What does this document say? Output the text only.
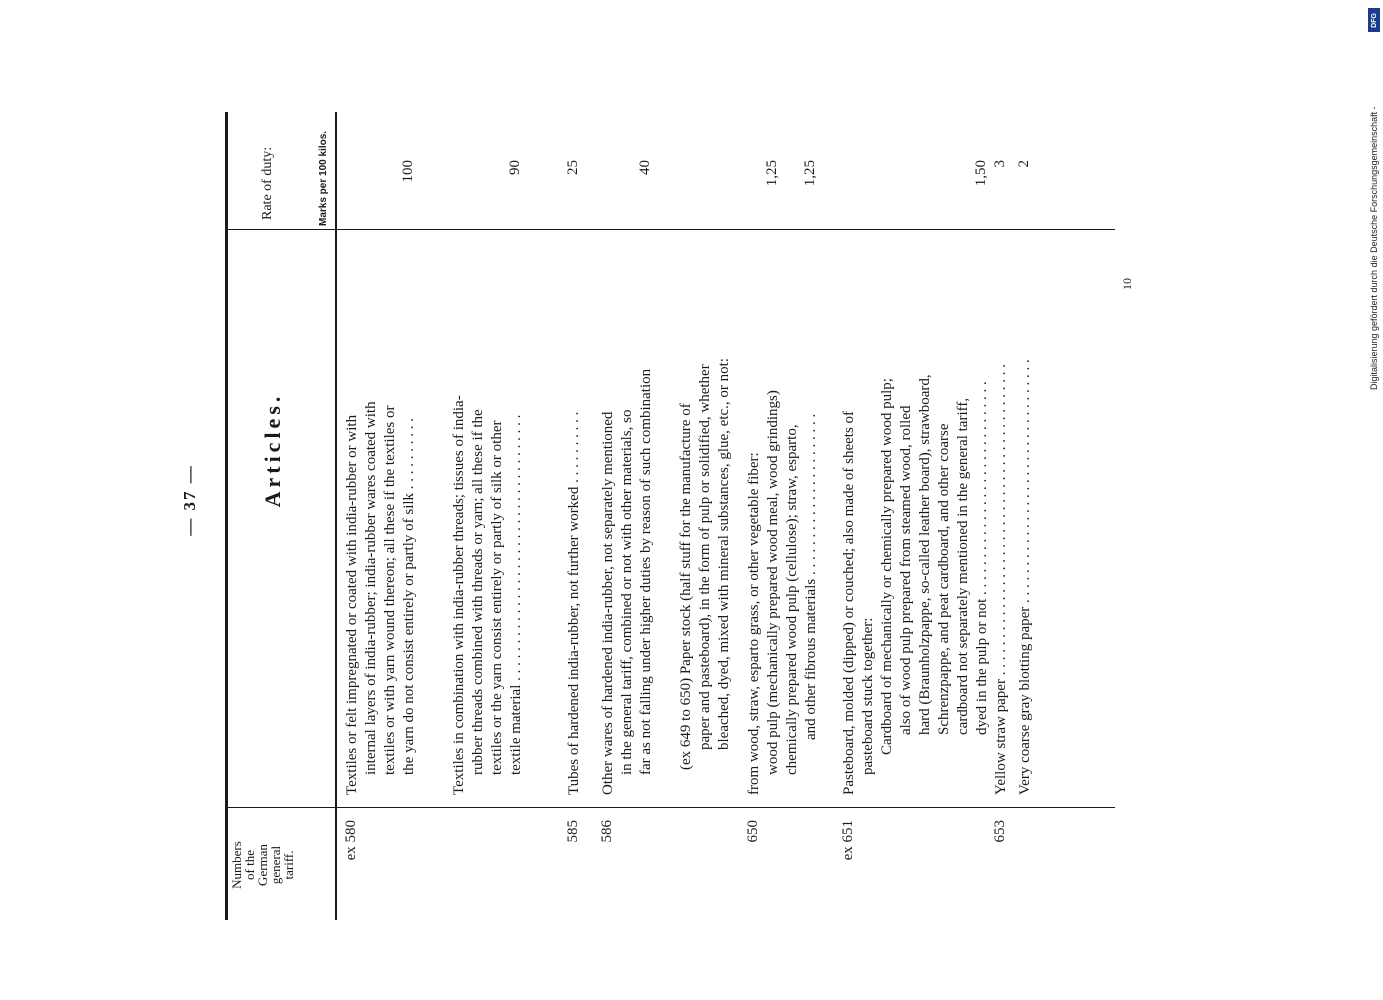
— 37 —	Articles.
Numbers
of the
German
general
tariff.
Rate of duty:	Marks per 100 kilos.
ex 580
Textiles or felt impregnated or coated with india-rubber or with internal layers of india-rubber; india-rubber wares coated with textiles or with yarn wound thereon; all these if the textiles or the yarn do not consist entirely or partly of silk . . . . . . . . . .
100
Textiles in combination with india-rubber threads; tissues of india- rubber threads combined with threads or yarn; all these if the textiles or the yarn consist entirely or partly of silk or other textile material . . . . . . . . . . . . . . . . . . . . . . . . . . . . . . . . . . . .
90
585
Tubes of hardened india-rubber, not further worked . . . . . . . . . .
25
586
Other wares of hardened india-rubber, not separately mentioned in the general tariff, combined or not with other materials, so far as not falling under higher duties by reason of such combination
40
(ex 649 to 650) Paper stock (half stuff for the manufacture of paper and pasteboard), in the form of pulp or solidified, whether bleached, dyed, mixed with mineral substances, glue, etc., or not:
650
from wood, straw, esparto grass, or other vegetable fiber: wood pulp (mechanically prepared wood meal, wood grindings) chemically prepared wood pulp (cellulose); straw, esparto, and other fibrous materials . . . . . . . . . . . . . . . . . . . . . .
1,25 1,25
ex 651
Pasteboard, molded (dipped) or couched; also made of sheets of pasteboard stuck together: Cardboard of mechanically or chemically prepared wood pulp; also of wood pulp prepared from steamed wood, rolled hard (Braunholzpappe, so-called leather board), strawboard, Schrenzpappe, and peat cardboard, and other coarse cardboard not separately mentioned in the general tariff, dyed in the pulp or not . . . . . . . . . . . . . . . . . . . . . . . . . . . . .
1,50
653
Yellow straw paper . . . . . . . . . . . . . . . . . . . . . . . . . . . . . . . . . . . . . . . . . .
3
Very coarse gray blotting paper . . . . . . . . . . . . . . . . . . . . . . . . . . . . . . . . .
2
10
DFG
Digitalisierung gefördert durch die Deutsche Forschungsgemeinschaft -
